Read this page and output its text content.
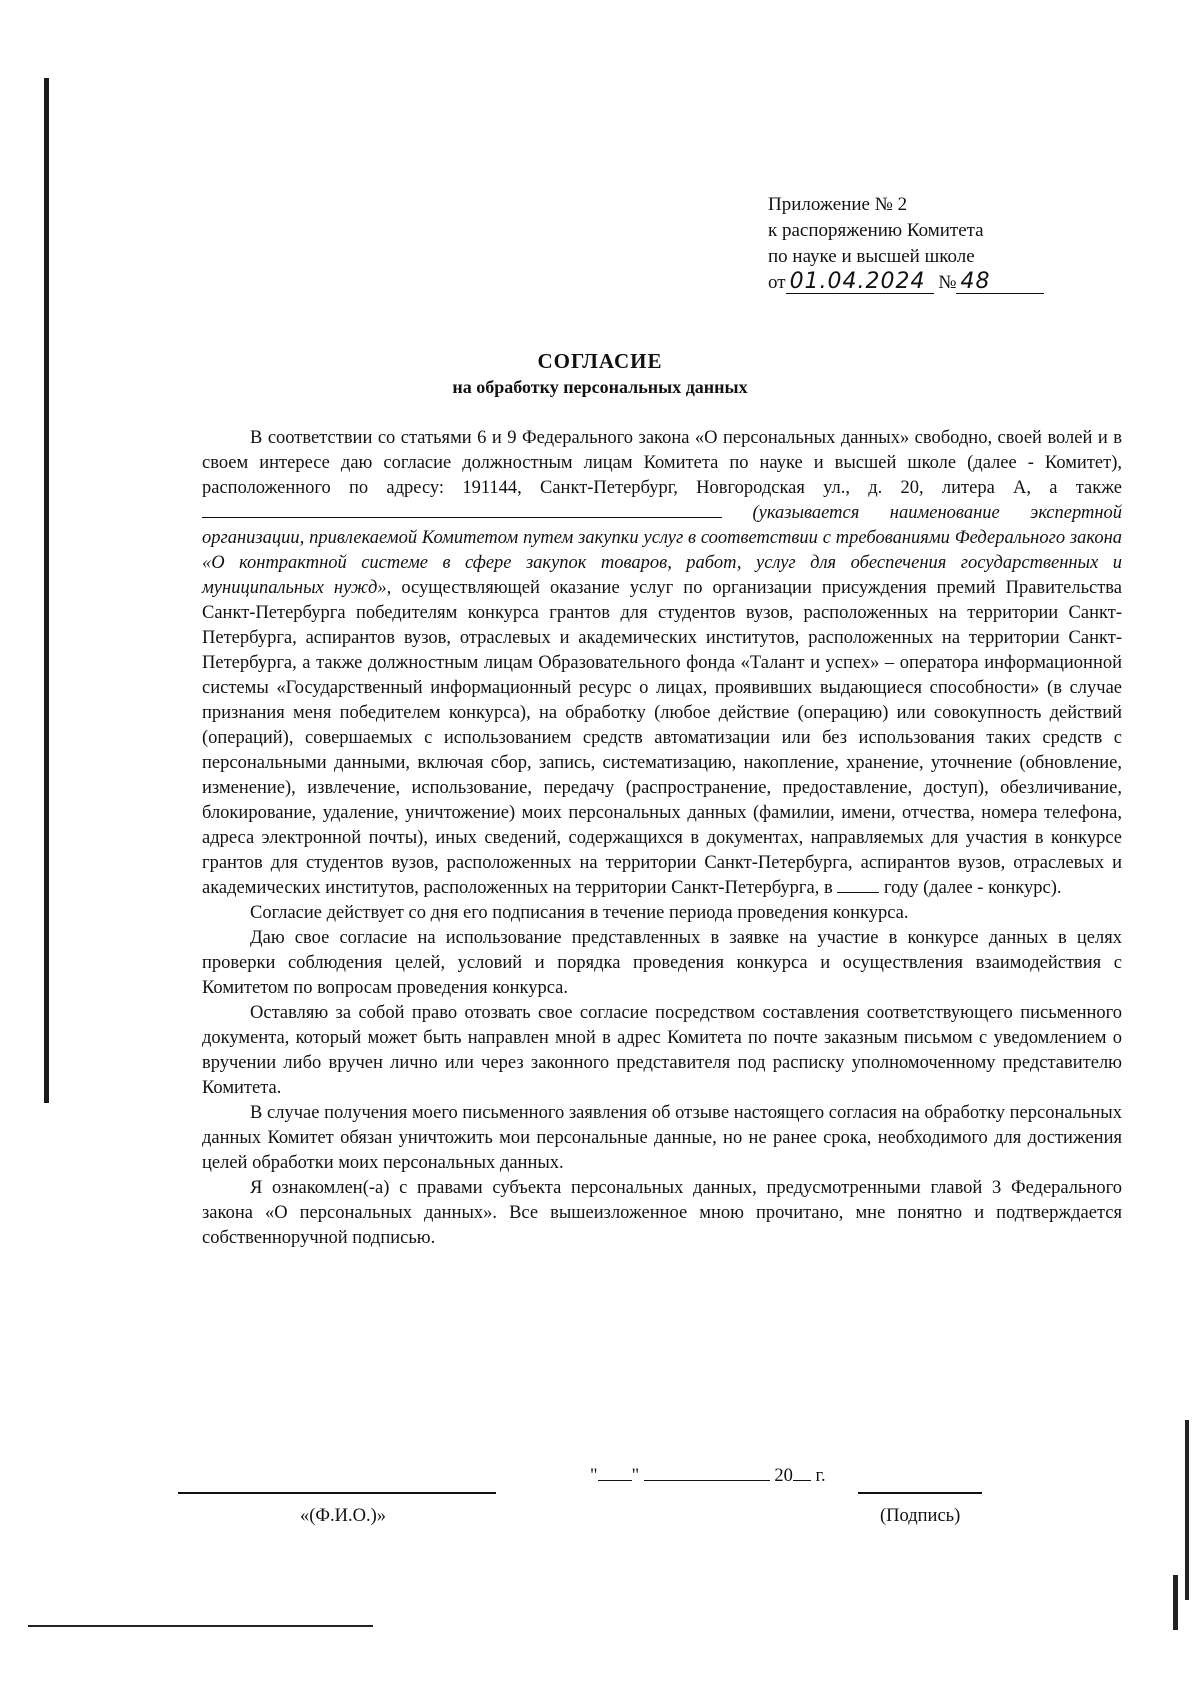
Приложение № 2
к распоряжению Комитета
по науке и высшей школе
от 01.04.2024 № 48
СОГЛАСИЕ
на обработку персональных данных

В соответствии со статьями 6 и 9 Федерального закона «О персональных данных» свободно, своей волей и в своем интересе даю согласие должностным лицам Комитета по науке и высшей школе (далее - Комитет), расположенного по адресу: 191144, Санкт-Петербург, Новгородская ул., д. 20, литера А, а также  (указывается наименование экспертной организации, привлекаемой Комитетом путем закупки услуг в соответствии с требованиями Федерального закона «О контрактной системе в сфере закупок товаров, работ, услуг для обеспечения государственных и муниципальных нужд», осуществляющей оказание услуг по организации присуждения премий Правительства Санкт-Петербурга победителям конкурса грантов для студентов вузов, расположенных на территории Санкт-Петербурга, аспирантов вузов, отраслевых и академических институтов, расположенных на территории Санкт-Петербурга, а также должностным лицам Образовательного фонда «Талант и успех» – оператора информационной системы «Государственный информационный ресурс о лицах, проявивших выдающиеся способности» (в случае признания меня победителем конкурса), на обработку (любое действие (операцию) или совокупность действий (операций), совершаемых с использованием средств автоматизации или без использования таких средств с персональными данными, включая сбор, запись, систематизацию, накопление, хранение, уточнение (обновление, изменение), извлечение, использование, передачу (распространение, предоставление, доступ), обезличивание, блокирование, удаление, уничтожение) моих персональных данных (фамилии, имени, отчества, номера телефона, адреса электронной почты), иных сведений, содержащихся в документах, направляемых для участия в конкурсе грантов для студентов вузов, расположенных на территории Санкт-Петербурга, аспирантов вузов, отраслевых и академических институтов, расположенных на территории Санкт-Петербурга, в	году (далее - конкурс).

Согласие действует со дня его подписания в течение периода проведения конкурса.

Даю свое согласие на использование представленных в заявке на участие в конкурсе данных в целях проверки соблюдения целей, условий и порядка проведения конкурса и осуществления взаимодействия с Комитетом по вопросам проведения конкурса.

Оставляю за собой право отозвать свое согласие посредством составления соответствующего письменного документа, который может быть направлен мной в адрес Комитета по почте заказным письмом с уведомлением о вручении либо вручен лично или через законного представителя под расписку уполномоченному представителю Комитета.

В случае получения моего письменного заявления об отзыве настоящего согласия на обработку персональных данных Комитет обязан уничтожить мои персональные данные, но не ранее срока, необходимого для достижения целей обработки моих персональных данных.

Я ознакомлен(-а) с правами субъекта персональных данных, предусмотренными главой 3 Федерального закона «О персональных данных». Все вышеизложенное мною прочитано, мне понятно и подтверждается собственноручной подписью.

" "	20 г.
«(Ф.И.О.)»	(Подпись)
